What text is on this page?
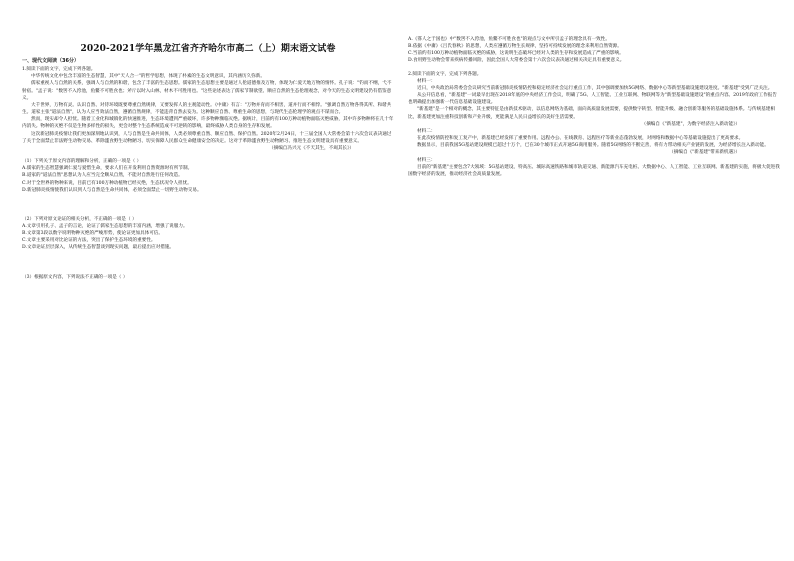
2020-2021学年黑龙江省齐齐哈尔市高二（上）期末语文试卷

一、现代文阅读（36分）

1.阅读下面的文字，完成下列各题。

中华传统文化中包含丰富的生态智慧，其中"天人合一"的哲学思想，体现了朴素的生态文明意识，其内涵历久弥新。

儒家重视人与自然的关系，强调人与自然的和谐，包含了丰富的生态思想。儒家的生态思想主要是通过人伦道德推及万物，体现为仁爱天地万物的情怀。孔子说："钓而不纲，弋不射宿。"孟子说："数罟不入洿池，鱼鳖不可胜食也；斧斤以时入山林，材木不可胜用也。"这些论述表达了儒家节制欲望、顺应自然的生态伦理观念，对今天的生态文明建设仍有借鉴意义。

大千世界，万物有灵。认识自然、对待环境既要尊重自然规律，又要发挥人的主观能动性。《中庸》有言："万物并育而不相害，道并行而不相悖。"强调自然万物各得其所、和谐共生。道家主张"道法自然"，认为人应当效法自然，遵循自然规律，不能违背自然去妄为。这种顺应自然、尊重生命的思想，与现代生态伦理学的观点不谋而合。

然而，现实却令人担忧。随着工业化和城镇化的快速推进，生态环境遭到严重破坏，许多物种濒临灭绝。据统计，目前约有100万种动植物面临灭绝威胁，其中许多物种将在几十年内消失。物种的灭绝不仅是生物多样性的损失，更会对整个生态系统造成不可逆转的影响，最终威胁人类自身的生存和发展。

这次新冠肺炎疫情让我们更加深刻地认识到，人与自然是生命共同体，人类必须尊重自然、顺应自然、保护自然。2020年2月24日，十三届全国人大常委会第十六次会议表决通过了关于全面禁止非法野生动物交易、革除滥食野生动物陋习、切实保障人民群众生命健康安全的决定。这对于革除滥食野生动物陋习、推进生态文明建设具有重要意义。

（摘编自冯兴元《不天其生，不竭其长》）

（1）下列关于原文内容的理解和分析，正确的一项是（ ）

A.儒家的生态智慧强调仁爱与爱惜生命，要求人们在开发利用自然资源时有所节制。

B.道家的"道法自然"思想认为人应当完全顺从自然，不能对自然进行任何改造。

C.对于全世界的物种来说，目前已有100万种动植物已经灭绝，生态状况令人担忧。

D.新冠肺炎疫情使我们认识到人与自然是生命共同体，必须全面禁止一切野生动物交易。

（2）下列对原文论证的相关分析，不正确的一项是（ ）

A.文章引用孔子、孟子的言论，论证了儒家生态思想的丰富内涵，增强了说服力。

B.文章第3段以数字说明物种灭绝的严峻形势，使论证更加具体可信。

C.文章主要采用对比论证的方法，突出了保护生态环境的重要性。

D.文章论证层层深入，从传统生态智慧谈到现实问题，最后提出应对措施。

（3）根据原文内容，下列说法不正确的一项是（ ）

A.《寡人之于国也》中"数罟不入洿池，鱼鳖不可胜食也"的观点与文中所引孟子的理念具有一致性。

B.依据《中庸》《吕氏春秋》的思想，人类应遵循万物生长规律，坚持可持续发展的理念来利用自然资源。

C.当前约有100万种动植物面临灭绝的威胁，这说明生态破坏已经对人类的生存和发展造成了严重的影响。

D.食用野生动物会带来疾病传播风险，因此全国人大常委会第十六次会议表决通过相关决定具有重要意义。

2.阅读下面的文字，完成下列各题。

材料一：

近日，中央政治局常委会会议研究当前新冠肺炎疫情防控和稳定经济社会运行重点工作，其中强调要加快5G网络、数据中心等新型基础设施建设进度。"新基建"受到广泛关注。

从公开信息看，"新基建"一词最早出现在2018年底的中央经济工作会议，明确了5G、人工智能、工业互联网、物联网等为"新型基础设施建设"的重点内容。2019年政府工作报告也明确提出加强新一代信息基础设施建设。

"新基建"是一个相对的概念，其主要特征是由新技术驱动，以信息网络为基础，面向高质量发展需要，提供数字转型、智能升级、融合创新等服务的基础设施体系。与传统基建相比，新基建更加注重科技创新和产业升级，更能满足人民日益增长的美好生活需要。

（摘编自《"新基建"，为数字经济注入新动能》）

材料二：

在此次疫情防控和复工复产中，新基建已经发挥了重要作用。远程办公、在线教育、远程医疗等新业态蓬勃发展，对网络和数据中心等基础设施提出了更高要求。

数据显示，目前我国5G基站建设规模已超过十万个，已在30个城市正式开通5G商用服务。随着5G网络的不断完善，将有力带动相关产业链的发展，为经济增长注入新动能。

（摘编自《"新基建"带来新机遇》）

材料三：

目前的"新基建"主要包含7大领域：5G基站建设、特高压、城际高速铁路和城市轨道交通、新能源汽车充电桩、大数据中心、人工智能、工业互联网。新基建的实施，将极大促进我国数字经济的发展，推动经济社会高质量发展。
